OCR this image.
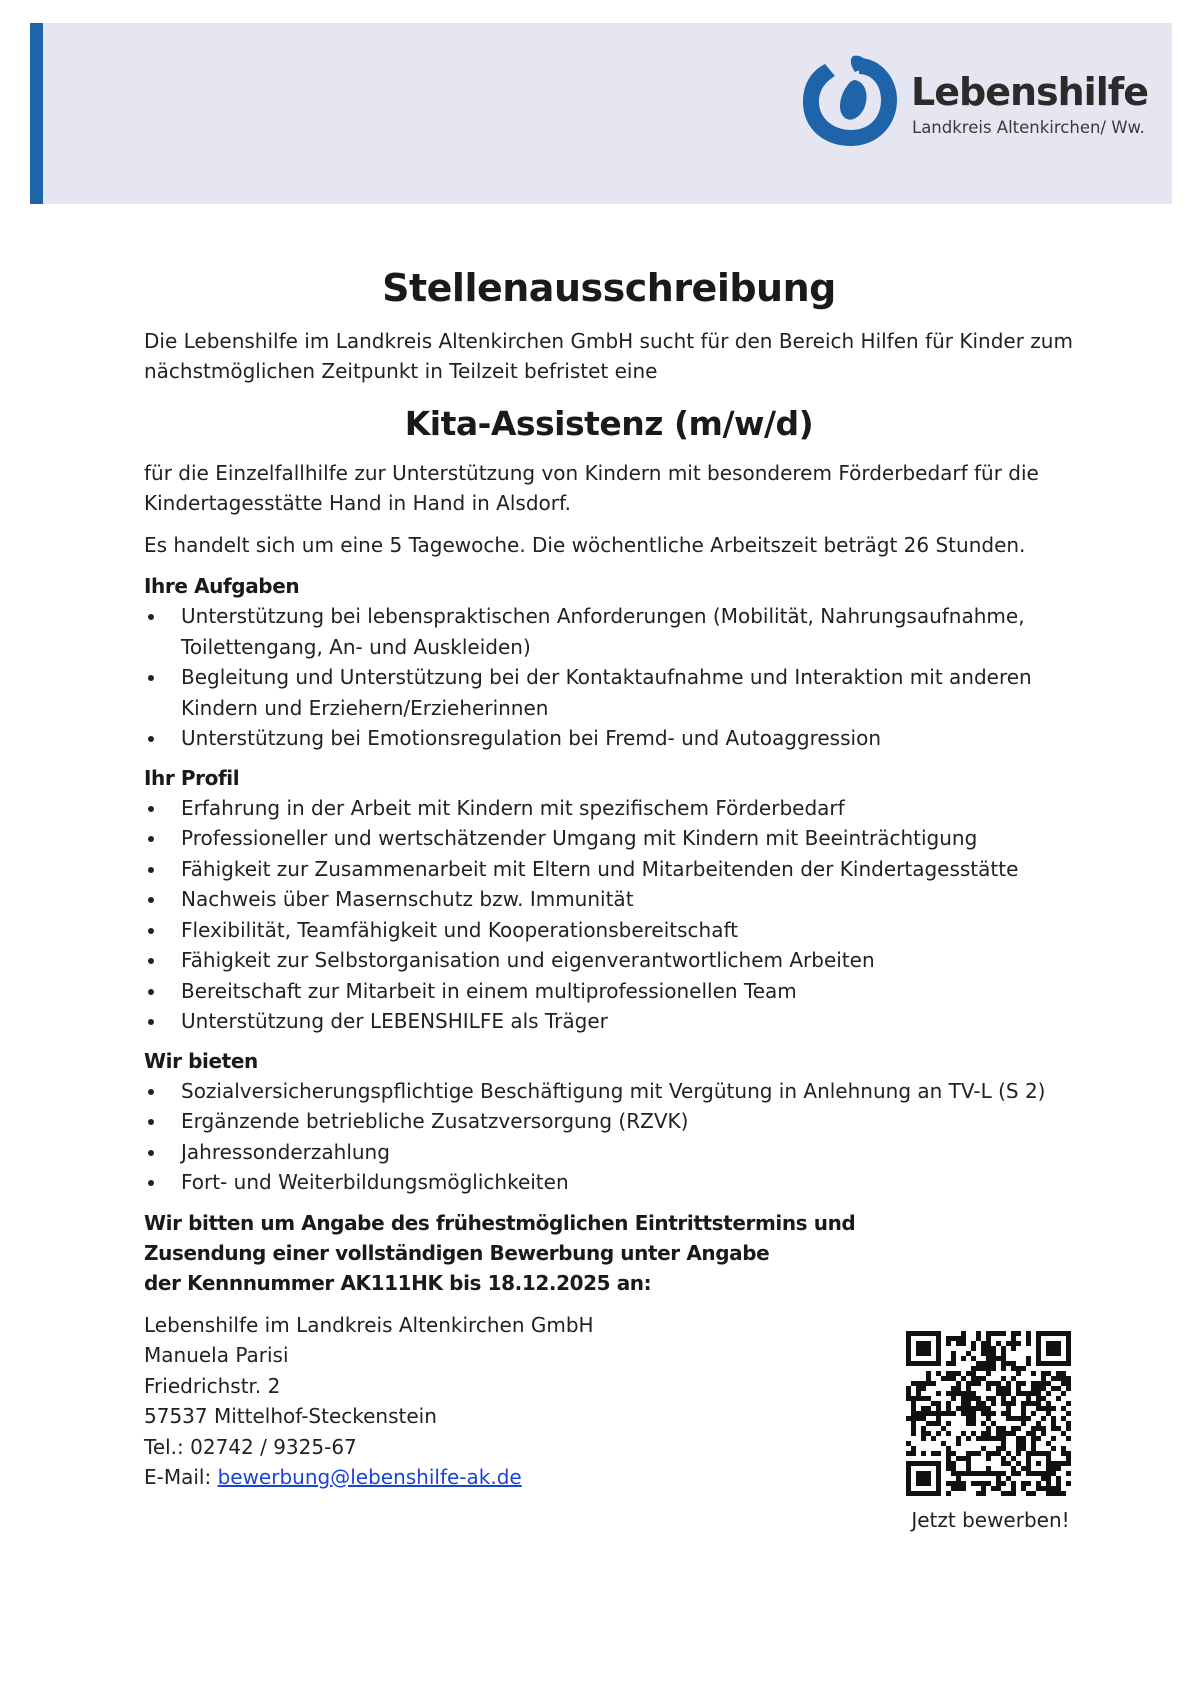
Lebenshilfe
Landkreis Altenkirchen/ Ww.
Stellenausschreibung

Die Lebenshilfe im Landkreis Altenkirchen GmbH sucht für den Bereich Hilfen für Kinder zum nächstmöglichen Zeitpunkt in Teilzeit befristet eine

Kita-Assistenz (m/w/d)

für die Einzelfallhilfe zur Unterstützung von Kindern mit besonderem Förderbedarf für die Kindertagesstätte Hand in Hand in Alsdorf.

Es handelt sich um eine 5 Tagewoche. Die wöchentliche Arbeitszeit beträgt 26 Stunden.

Ihre Aufgaben
Unterstützung bei lebenspraktischen Anforderungen (Mobilität, Nahrungsaufnahme, Toilettengang, An- und Auskleiden)
Begleitung und Unterstützung bei der Kontaktaufnahme und Interaktion mit anderen Kindern und Erziehern/Erzieherinnen
Unterstützung bei Emotionsregulation bei Fremd- und Autoaggression
Ihr Profil
Erfahrung in der Arbeit mit Kindern mit spezifischem Förderbedarf
Professioneller und wertschätzender Umgang mit Kindern mit Beeinträchtigung
Fähigkeit zur Zusammenarbeit mit Eltern und Mitarbeitenden der Kindertagesstätte
Nachweis über Masernschutz bzw. Immunität
Flexibilität, Teamfähigkeit und Kooperationsbereitschaft
Fähigkeit zur Selbstorganisation und eigenverantwortlichem Arbeiten
Bereitschaft zur Mitarbeit in einem multiprofessionellen Team
Unterstützung der LEBENSHILFE als Träger
Wir bieten
Sozialversicherungspflichtige Beschäftigung mit Vergütung in Anlehnung an TV-L (S 2)
Ergänzende betriebliche Zusatzversorgung (RZVK)
Jahressonderzahlung
Fort- und Weiterbildungsmöglichkeiten
Wir bitten um Angabe des frühestmöglichen Eintrittstermins und
Zusendung einer vollständigen Bewerbung unter Angabe
der Kennnummer AK111HK bis 18.12.2025 an:
Lebenshilfe im Landkreis Altenkirchen GmbH
Manuela Parisi
Friedrichstr. 2
57537 Mittelhof-Steckenstein
Tel.: 02742 / 9325-67
E-Mail: bewerbung@lebenshilfe-ak.de
Jetzt bewerben!
